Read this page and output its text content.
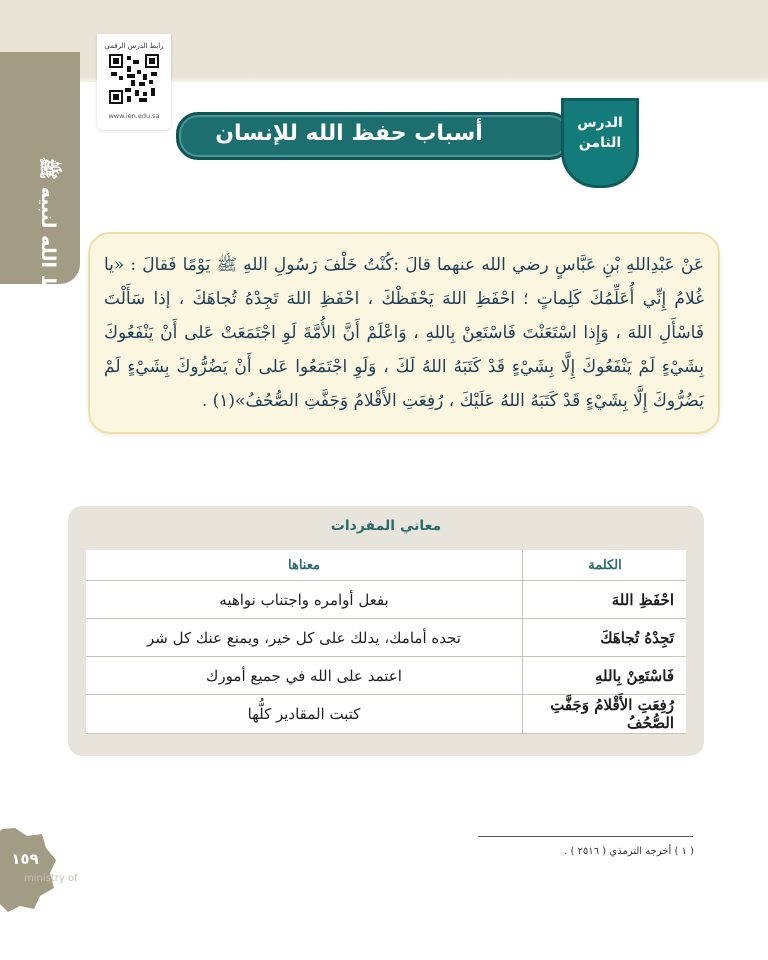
حفظ الله لنبيه ﷺ
رابط الدرس الرقمي
www.ien.edu.sa
أسباب حفظ الله للإنسان	الدرس
الثامن
عَنْ عَبْدِاللهِ بْنِ عَبَّاسٍ رضي الله عنهما قالَ :كُنْتُ خَلْفَ رَسُولِ اللهِ ﷺ يَوْمًا فَقالَ : «يا غُلامُ إِنِّي أُعَلِّمُكَ كَلِماتٍ ؛ احْفَظِ اللهَ يَحْفَظْكَ ، احْفَظِ اللهَ تَجِدْهُ تُجاهَكَ ، إذا سَأَلْتَ فَاسْأَلِ اللهَ ، وَإِذا اسْتَعَنْتَ فَاسْتَعِنْ بِاللهِ ، وَاعْلَمْ أَنَّ الأُمَّةَ لَوِ اجْتَمَعَتْ عَلى أَنْ يَنْفَعُوكَ بِشَيْءٍ لَمْ يَنْفَعُوكَ إِلَّا بِشَيْءٍ قَدْ كَتَبَهُ اللهُ لَكَ ، وَلَوِ اجْتَمَعُوا عَلى أَنْ يَضُرُّوكَ بِشَيْءٍ لَمْ يَضُرُّوكَ إِلَّا بِشَيْءٍ قَدْ كَتَبَهُ اللهُ عَلَيْكَ ، رُفِعَتِ الأَقْلامُ وَجَفَّتِ الصُّحُفُ»(١) .
معاني المفردات
الكلمة	معناها
احْفَظِ اللهَ	بفعل أوامره واجتناب نواهيه
تَجِدْهُ تُجاهَكَ	تجده أمامك، يدلك على كل خير، ويمنع عنك كل شر
فَاسْتَعِنْ بِاللهِ	اعتمد على الله في جميع أمورك
رُفِعَتِ الأَقْلامُ وَجَفَّتِ الصُّحُفُ	كتبت المقادير كلُّها
( ١ ) أخرجه الترمذي ( ٢٥١٦ ) .
١٥٩
ministry of
